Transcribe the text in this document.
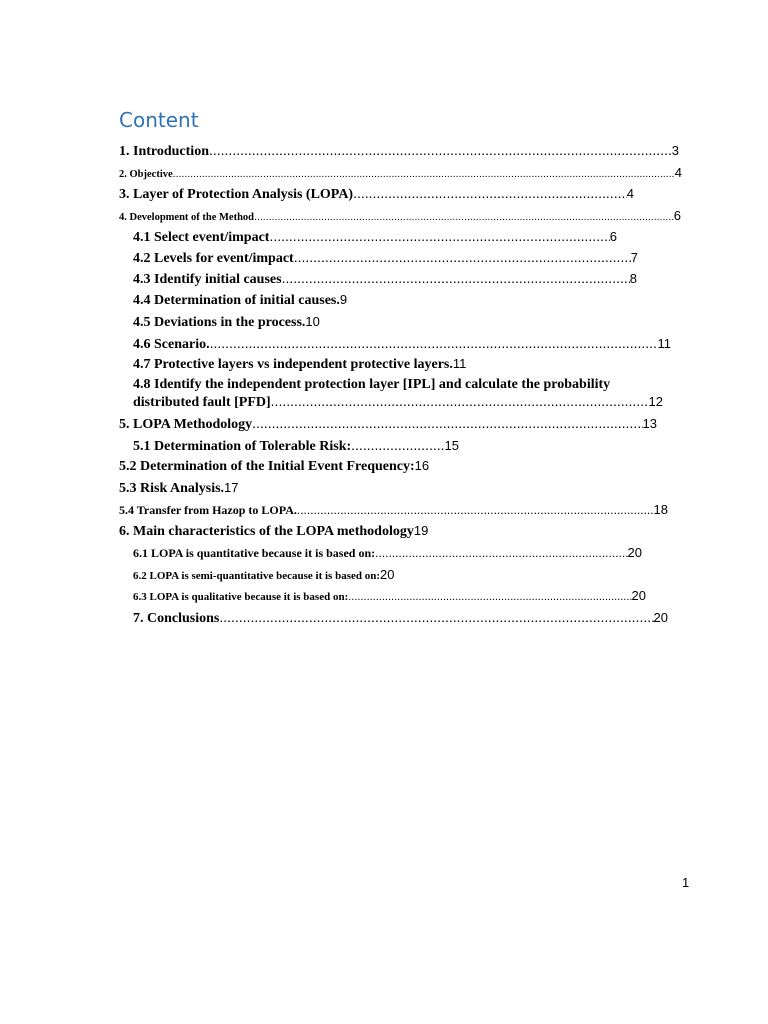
Content
1. Introduction .....	3
2. Objective .....	4
3. Layer of Protection Analysis (LOPA) .....	4
4. Development of the Method .....	6
4.1 Select event/impact .....	6
4.2 Levels for event/impact .....	7
4.3 Identify initial causes .....	8
4.4 Determination of initial causes. 9
4.5 Deviations in the process. 10
4.6 Scenario. .....	11
4.7 Protective layers vs independent protective layers. 11
4.8 Identify the independent protection layer [IPL] and calculate the probability
distributed fault [PFD] .....	12
5. LOPA Methodology .....	13
5.1 Determination of Tolerable Risk: .....	15
5.2 Determination of the Initial Event Frequency: 16
5.3 Risk Analysis. 17
5.4 Transfer from Hazop to LOPA. .....	18
6. Main characteristics of the LOPA methodology 19
6.1 LOPA is quantitative because it is based on: .....	20
6.2 LOPA is semi-quantitative because it is based on: 20
6.3 LOPA is qualitative because it is based on: .....	20
7. Conclusions .....	20
1
